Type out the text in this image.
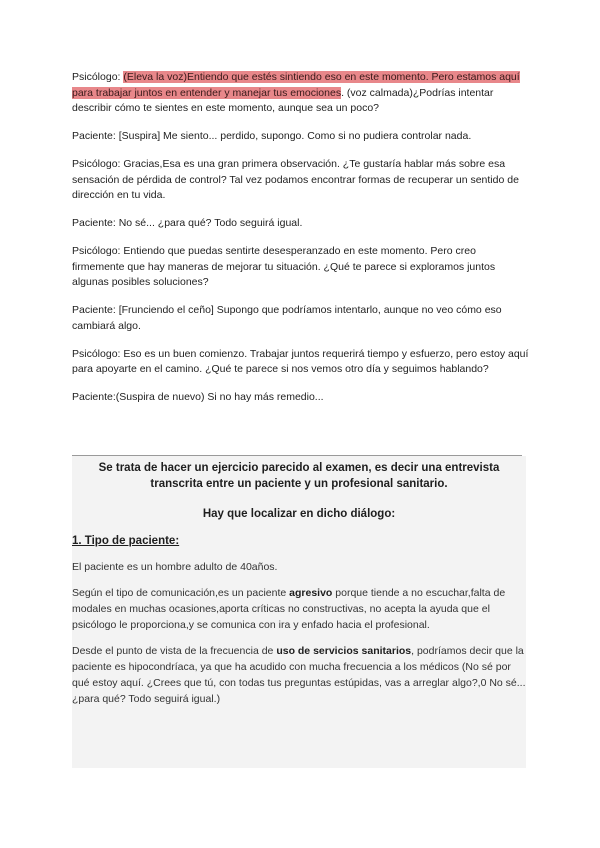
Psicólogo: (Eleva la voz)Entiendo que estés sintiendo eso en este momento. Pero estamos aquí para trabajar juntos en entender y manejar tus emociones. (voz calmada)¿Podrías intentar describir cómo te sientes en este momento, aunque sea un poco?

Paciente: [Suspira] Me siento... perdido, supongo. Como si no pudiera controlar nada.

Psicólogo: Gracias,Esa es una gran primera observación. ¿Te gustaría hablar más sobre esa sensación de pérdida de control? Tal vez podamos encontrar formas de recuperar un sentido de dirección en tu vida.

Paciente: No sé... ¿para qué? Todo seguirá igual.

Psicólogo: Entiendo que puedas sentirte desesperanzado en este momento. Pero creo firmemente que hay maneras de mejorar tu situación. ¿Qué te parece si exploramos juntos algunas posibles soluciones?

Paciente: [Frunciendo el ceño] Supongo que podríamos intentarlo, aunque no veo cómo eso cambiará algo.

Psicólogo: Eso es un buen comienzo. Trabajar juntos requerirá tiempo y esfuerzo, pero estoy aquí para apoyarte en el camino. ¿Qué te parece si nos vemos otro día y seguimos hablando?

Paciente:(Suspira de nuevo) Si no hay más remedio...

Se trata de hacer un ejercicio parecido al examen, es decir una entrevista transcrita entre un paciente y un profesional sanitario.

Hay que localizar en dicho diálogo:

1. Tipo de paciente:

El paciente es un hombre adulto de 40años.

Según el tipo de comunicación,es un paciente agresivo porque tiende a no escuchar,falta de modales en muchas ocasiones,aporta críticas no constructivas, no acepta la ayuda que el psicólogo le proporciona,y se comunica con ira y enfado hacia el profesional.

Desde el punto de vista de la frecuencia de uso de servicios sanitarios, podríamos decir que la paciente es hipocondríaca, ya que ha acudido con mucha frecuencia a los médicos (No sé por qué estoy aquí. ¿Crees que tú, con todas tus preguntas estúpidas, vas a arreglar algo?,0 No sé... ¿para qué? Todo seguirá igual.)
